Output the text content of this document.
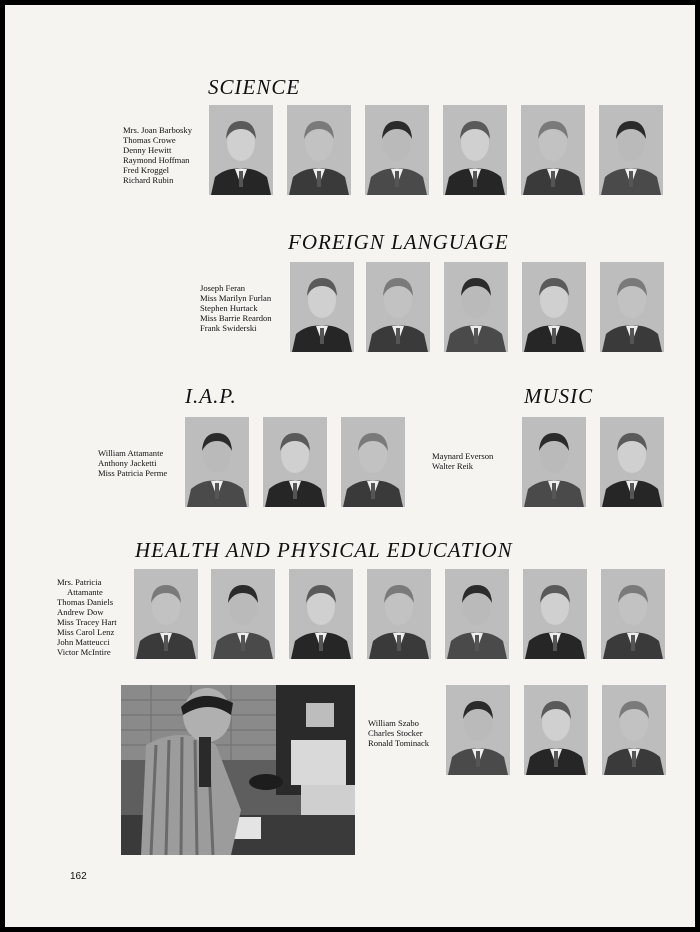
SCIENCE
Mrs. Joan Barbosky
Thomas Crowe
Denny Hewitt
Raymond Hoffman
Fred Kroggel
Richard Rubin
FOREIGN LANGUAGE
Joseph Feran
Miss Marilyn Furlan
Stephen Hurtack
Miss Barrie Reardon
Frank Swiderski
I.A.P.
William Attamante
Anthony Jacketti
Miss Patricia Perme
MUSIC
Maynard Everson
Walter Reik
HEALTH AND PHYSICAL EDUCATION
Mrs. Patricia
Attamante
Thomas Daniels
Andrew Dow
Miss Tracey Hart
Miss Carol Lenz
John Matteucci
Victor McIntire
William Szabo
Charles Stocker
Ronald Tominack
162
